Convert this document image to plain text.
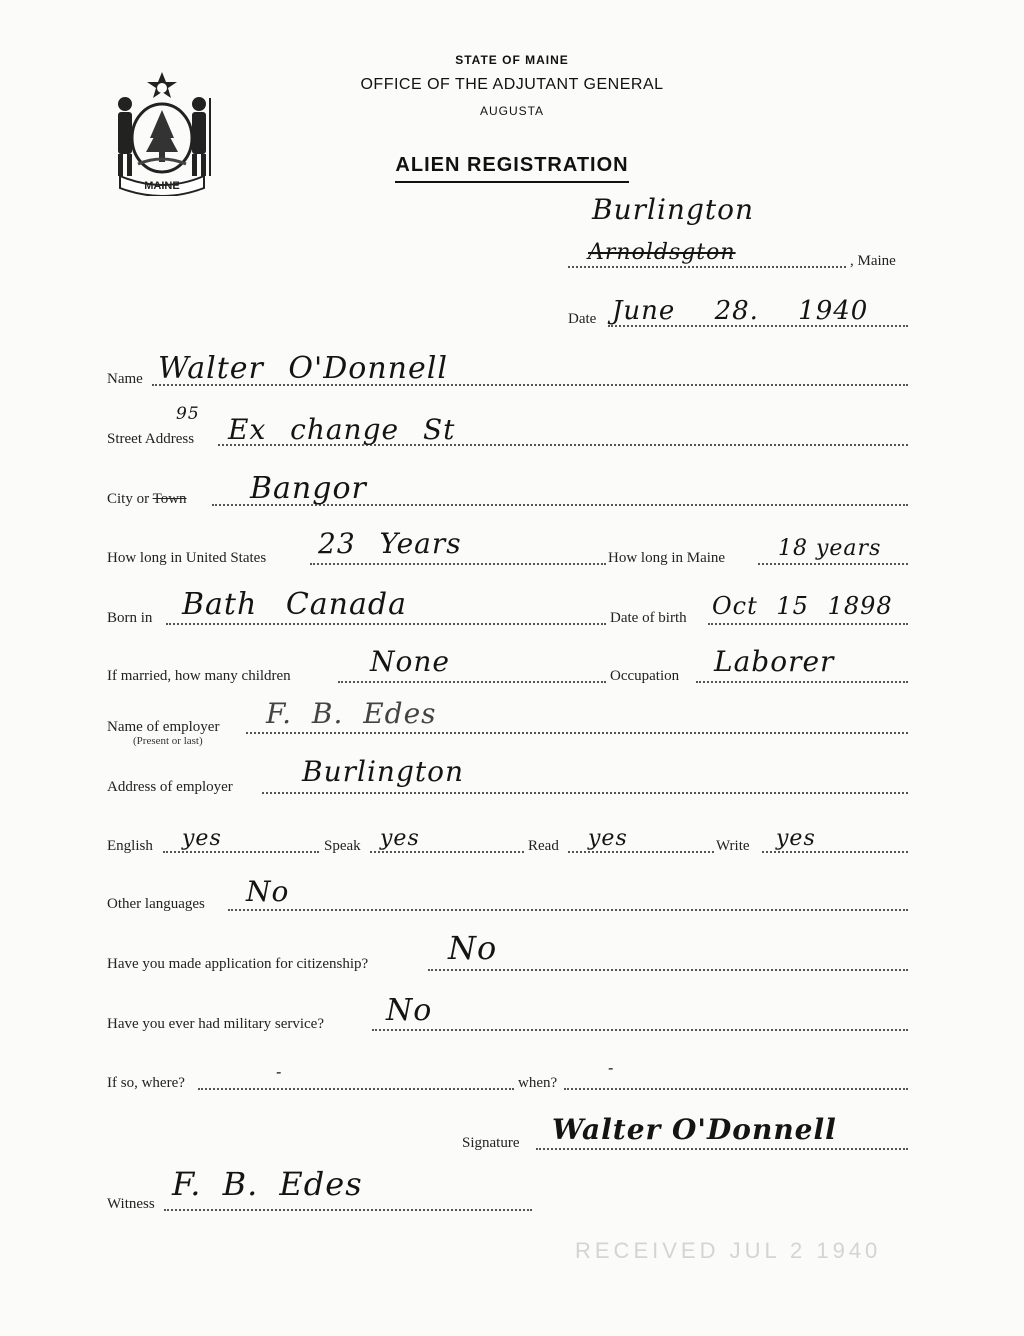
STATE OF MAINE
OFFICE OF THE ADJUTANT GENERAL
AUGUSTA
ALIEN REGISTRATION
MAINE
Burlington
Arnoldsgton	, Maine
Date June 28. 1940
Name Walter O'Donnell
Street Address
95 Ex change St
City or Town Bangor
How long in United States 23 Years	How long in Maine 18 years
Born in Bath Canada	Date of birth Oct 15 1898
If married, how many children	None	Occupation Laborer
Name of employer
(Present or last)
F. B. Edes
Address of employer Burlington
English yes	Speak yes	Read yes	Write yes
Other languages No
Have you made application for citizenship? No
Have you ever had military service? No
If so, where?
-
when?
-
Signature Walter O'Donnell
Witness
F. B. Edes
RECEIVED JUL 2 1940
